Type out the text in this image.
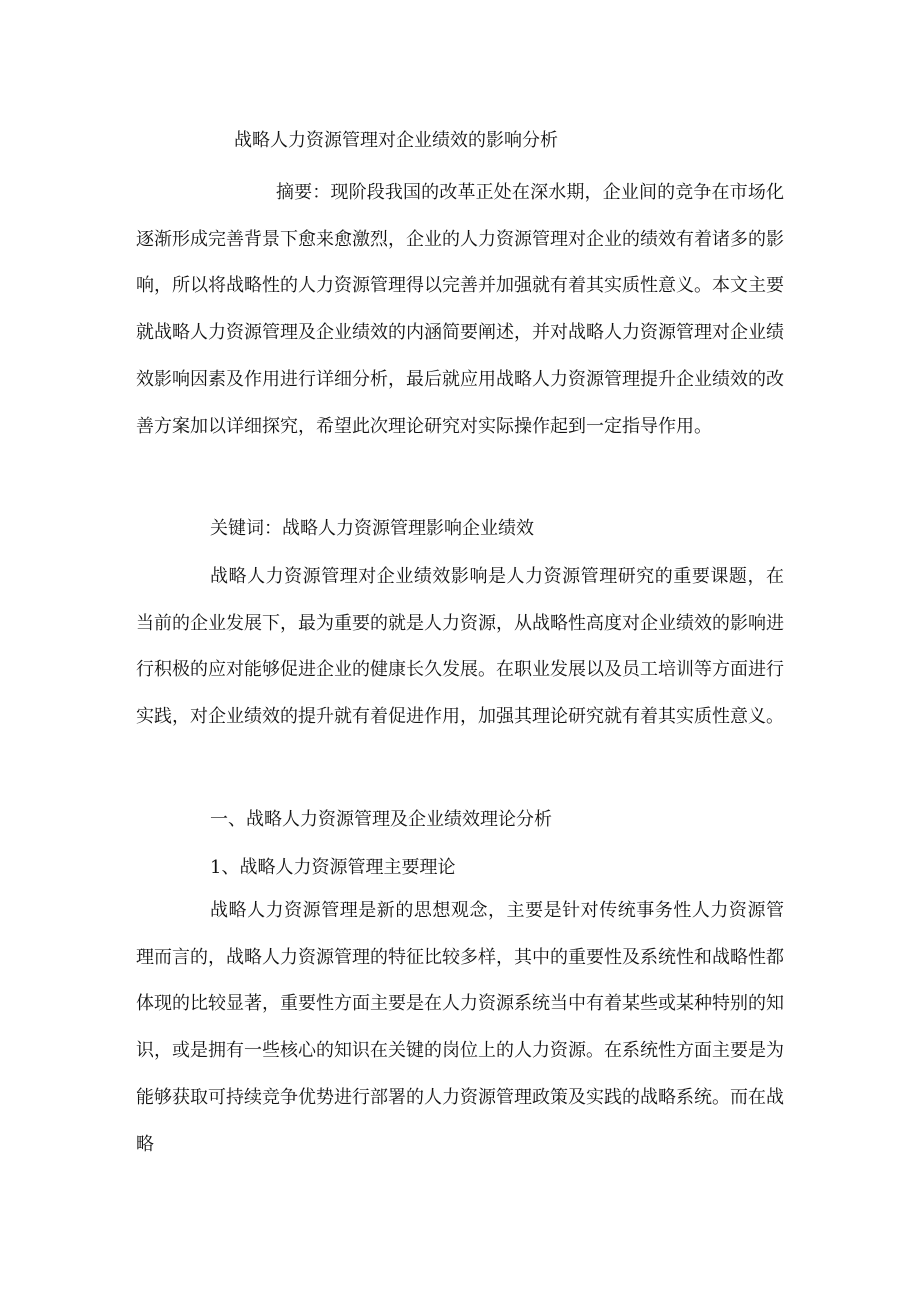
战略人力资源管理对企业绩效的影响分析

摘要：现阶段我国的改革正处在深水期，企业间的竞争在市场化逐渐形成完善背景下愈来愈激烈，企业的人力资源管理对企业的绩效有着诸多的影响，所以将战略性的人力资源管理得以完善并加强就有着其实质性意义。本文主要就战略人力资源管理及企业绩效的内涵简要阐述，并对战略人力资源管理对企业绩效影响因素及作用进行详细分析，最后就应用战略人力资源管理提升企业绩效的改善方案加以详细探究，希望此次理论研究对实际操作起到一定指导作用。

关键词：战略人力资源管理影响企业绩效

战略人力资源管理对企业绩效影响是人力资源管理研究的重要课题，在当前的企业发展下，最为重要的就是人力资源，从战略性高度对企业绩效的影响进行积极的应对能够促进企业的健康长久发展。在职业发展以及员工培训等方面进行实践，对企业绩效的提升就有着促进作用，加强其理论研究就有着其实质性意义。

一、战略人力资源管理及企业绩效理论分析

1、战略人力资源管理主要理论

战略人力资源管理是新的思想观念，主要是针对传统事务性人力资源管理而言的，战略人力资源管理的特征比较多样，其中的重要性及系统性和战略性都体现的比较显著，重要性方面主要是在人力资源系统当中有着某些或某种特别的知识，或是拥有一些核心的知识在关键的岗位上的人力资源。在系统性方面主要是为能够获取可持续竞争优势进行部署的人力资源管理政策及实践的战略系统。而在战略
